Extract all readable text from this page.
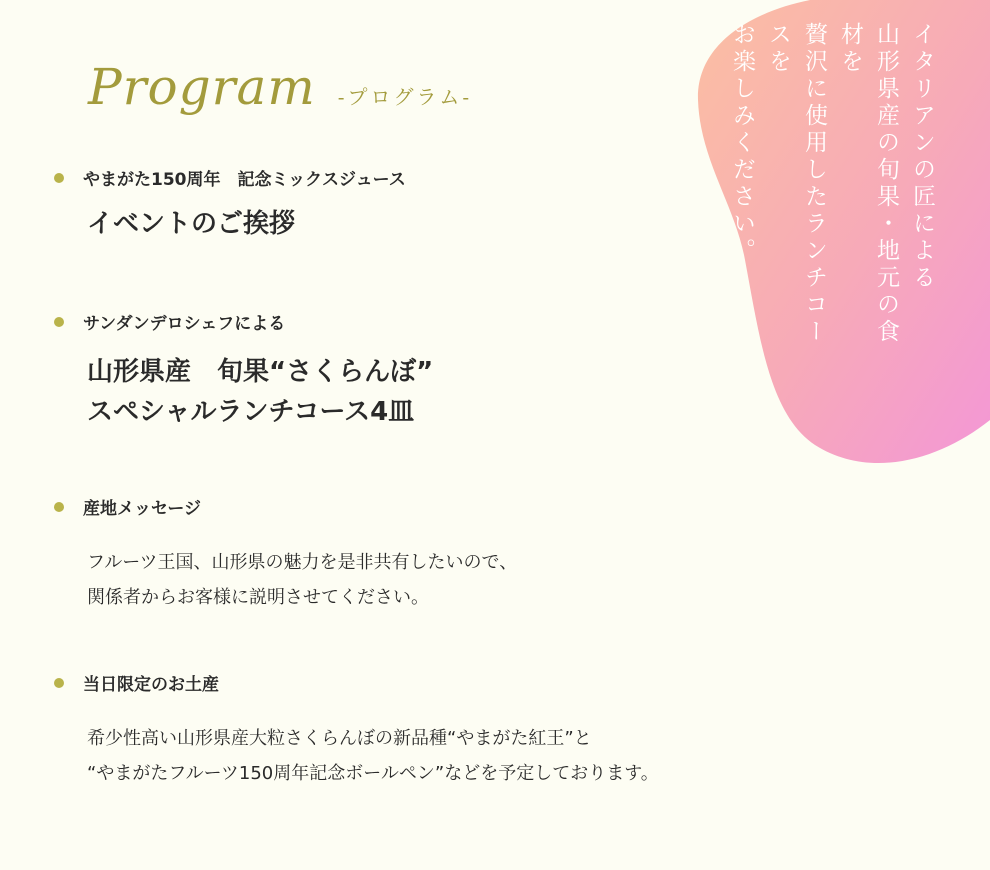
イタリアンの匠による
山形県産の旬果・地元の食材を
贅沢に使用したランチコースを
お楽しみください。
Program -プログラム-
やまがた150周年　記念ミックスジュース
イベントのご挨拶
サンダンデロシェフによる
山形県産　旬果“さくらんぼ”
スペシャルランチコース4皿
産地メッセージ
フルーツ王国、山形県の魅力を是非共有したいので、
関係者からお客様に説明させてください。
当日限定のお土産
希少性高い山形県産大粒さくらんぼの新品種“やまがた紅王”と
“やまがたフルーツ150周年記念ボールペン”などを予定しております。
